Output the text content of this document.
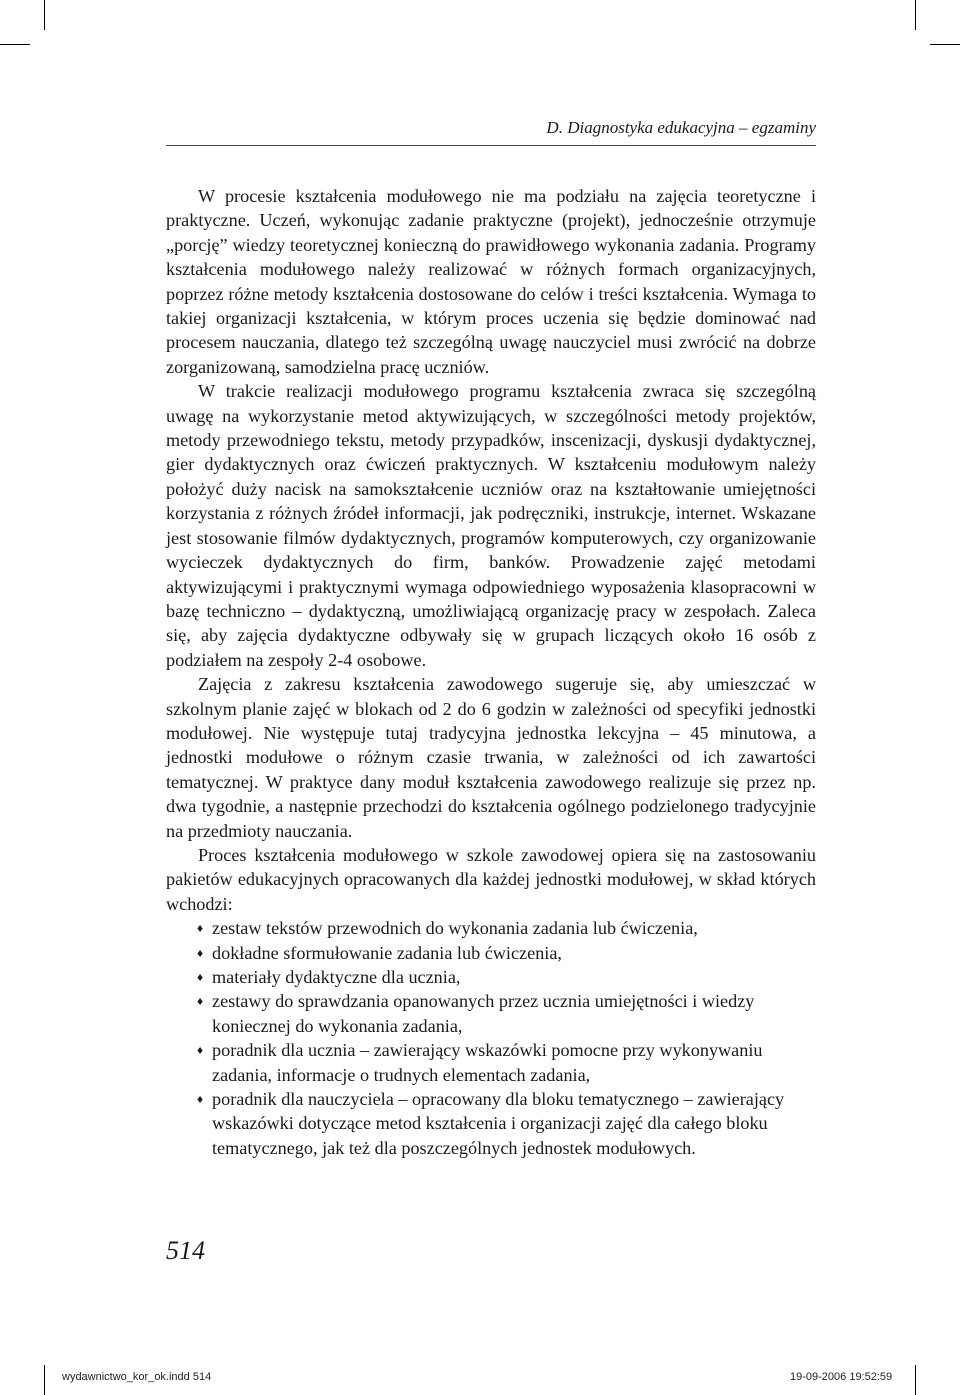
D. Diagnostyka edukacyjna – egzaminy

W procesie kształcenia modułowego nie ma podziału na zajęcia teoretyczne i praktyczne. Uczeń, wykonując zadanie praktyczne (projekt), jednocześnie otrzymuje „porcję” wiedzy teoretycznej konieczną do prawidłowego wykonania zadania. Programy kształcenia modułowego należy realizować w różnych formach organizacyjnych, poprzez różne metody kształcenia dostosowane do celów i treści kształcenia. Wymaga to takiej organizacji kształcenia, w którym proces uczenia się będzie dominować nad procesem nauczania, dlatego też szczególną uwagę nauczyciel musi zwrócić na dobrze zorganizowaną, samodzielna pracę uczniów.

W trakcie realizacji modułowego programu kształcenia zwraca się szczególną uwagę na wykorzystanie metod aktywizujących, w szczególności metody projektów, metody przewodniego tekstu, metody przypadków, inscenizacji, dyskusji dydaktycznej, gier dydaktycznych oraz ćwiczeń praktycznych. W kształceniu modułowym należy położyć duży nacisk na samokształcenie uczniów oraz na kształtowanie umiejętności korzystania z różnych źródeł informacji, jak podręczniki, instrukcje, internet. Wskazane jest stosowanie filmów dydaktycznych, programów komputerowych, czy organizowanie wycieczek dydaktycznych do firm, banków. Prowadzenie zajęć metodami aktywizującymi i praktycznymi wymaga odpowiedniego wyposażenia klasopracowni w bazę techniczno – dydaktyczną, umożliwiającą organizację pracy w zespołach. Zaleca się, aby zajęcia dydaktyczne odbywały się w grupach liczących około 16 osób z podziałem na zespoły 2-4 osobowe.

Zajęcia z zakresu kształcenia zawodowego sugeruje się, aby umieszczać w szkolnym planie zajęć w blokach od 2 do 6 godzin w zależności od specyfiki jednostki modułowej. Nie występuje tutaj tradycyjna jednostka lekcyjna – 45 minutowa, a jednostki modułowe o różnym czasie trwania, w zależności od ich zawartości tematycznej. W praktyce dany moduł kształcenia zawodowego realizuje się przez np. dwa tygodnie, a następnie przechodzi do kształcenia ogólnego podzielonego tradycyjnie na przedmioty nauczania.

Proces kształcenia modułowego w szkole zawodowej opiera się na zastosowaniu pakietów edukacyjnych opracowanych dla każdej jednostki modułowej, w skład których wchodzi:

♦ zestaw tekstów przewodnich do wykonania zadania lub ćwiczenia,
♦ dokładne sformułowanie zadania lub ćwiczenia,
♦ materiały dydaktyczne dla ucznia,
♦ zestawy do sprawdzania opanowanych przez ucznia umiejętności i wiedzy koniecznej do wykonania zadania,
♦ poradnik dla ucznia – zawierający wskazówki pomocne przy wykonywaniu zadania, informacje o trudnych elementach zadania,
♦ poradnik dla nauczyciela – opracowany dla bloku tematycznego – zawierający wskazówki dotyczące metod kształcenia i organizacji zajęć dla całego bloku tematycznego, jak też dla poszczególnych jednostek modułowych.
514
wydawnictwo_kor_ok.indd 514	19-09-2006 19:52:59
